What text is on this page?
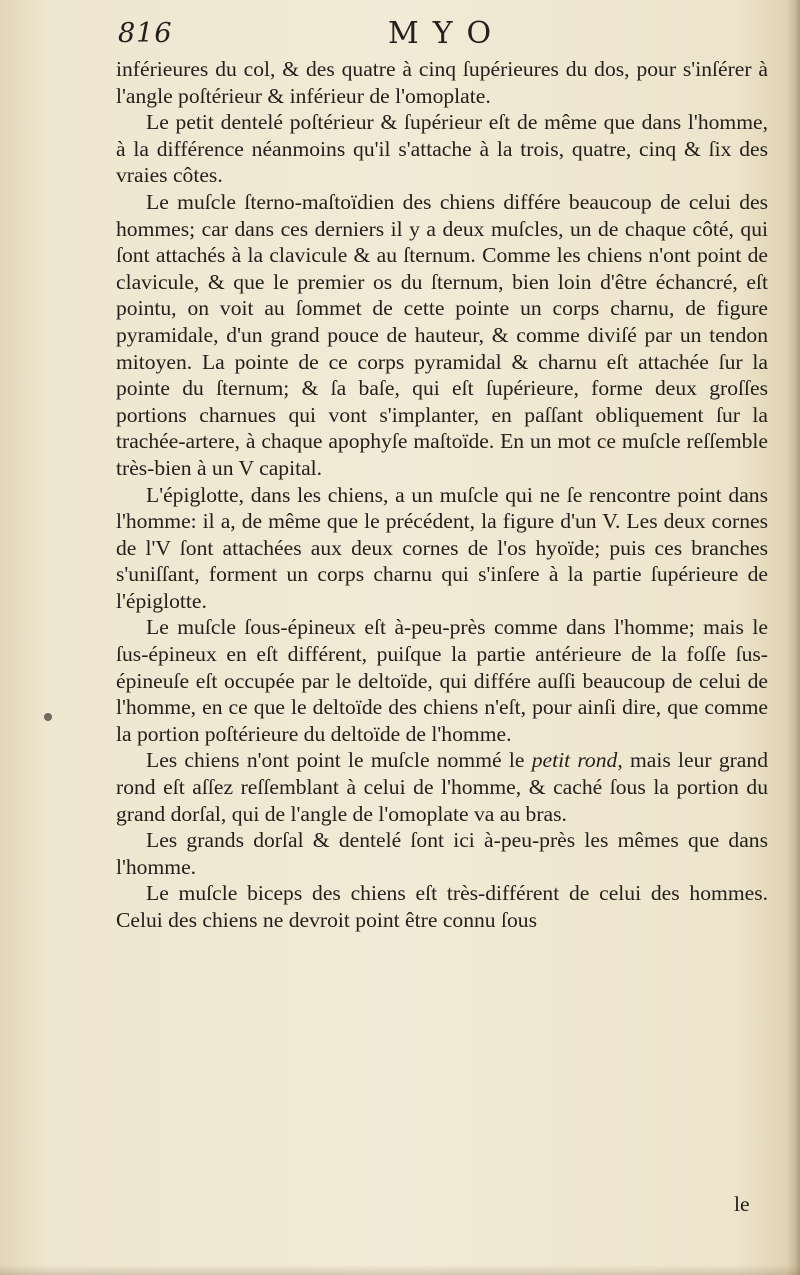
816	MYO

inférieures du col, & des quatre à cinq ſupérieures du dos, pour s'inſérer à l'angle poſtérieur & inférieur de l'omoplate.

Le petit dentelé poſtérieur & ſupérieur eſt de même que dans l'homme, à la différence néanmoins qu'il s'attache à la trois, quatre, cinq & ſix des vraies côtes.

Le muſcle ſterno-maſtoïdien des chiens différe beaucoup de celui des hommes; car dans ces derniers il y a deux muſcles, un de chaque côté, qui ſont attachés à la clavicule & au ſternum. Comme les chiens n'ont point de clavicule, & que le premier os du ſternum, bien loin d'être échancré, eſt pointu, on voit au ſommet de cette pointe un corps charnu, de figure pyramidale, d'un grand pouce de hauteur, & comme diviſé par un tendon mitoyen. La pointe de ce corps pyramidal & charnu eſt attachée ſur la pointe du ſternum; & ſa baſe, qui eſt ſupérieure, forme deux groſſes portions charnues qui vont s'implanter, en paſſant obliquement ſur la trachée-artere, à chaque apophyſe maſtoïde. En un mot ce muſcle reſſemble très-bien à un V capital.

L'épiglotte, dans les chiens, a un muſcle qui ne ſe rencontre point dans l'homme: il a, de même que le précédent, la figure d'un V. Les deux cornes de l'V ſont attachées aux deux cornes de l'os hyoïde; puis ces branches s'uniſſant, forment un corps charnu qui s'inſere à la partie ſupérieure de l'épiglotte.

Le muſcle ſous-épineux eſt à-peu-près comme dans l'homme; mais le ſus-épineux en eſt différent, puiſque la partie antérieure de la foſſe ſus-épineuſe eſt occupée par le deltoïde, qui différe auſſi beaucoup de celui de l'homme, en ce que le deltoïde des chiens n'eſt, pour ainſi dire, que comme la portion poſtérieure du deltoïde de l'homme.

Les chiens n'ont point le muſcle nommé le petit rond, mais leur grand rond eſt aſſez reſſemblant à celui de l'homme, & caché ſous la portion du grand dorſal, qui de l'angle de l'omoplate va au bras.

Les grands dorſal & dentelé ſont ici à-peu-près les mêmes que dans l'homme.

Le muſcle biceps des chiens eſt très-différent de celui des hommes. Celui des chiens ne devroit point être connu ſous

le
